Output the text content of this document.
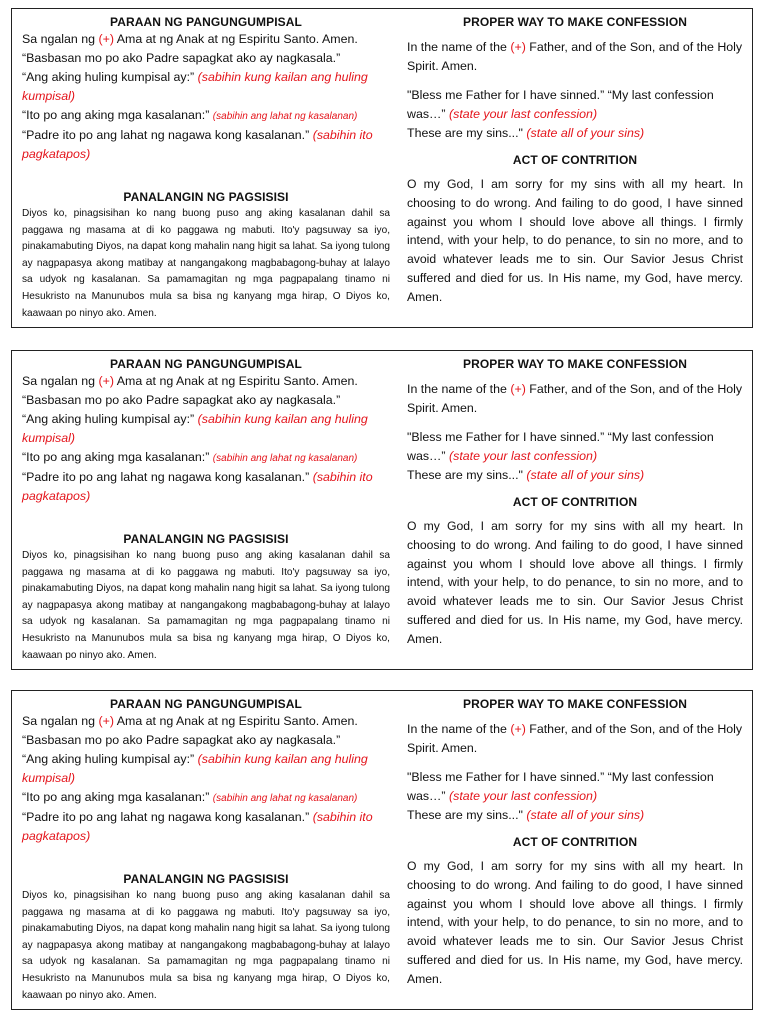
PARAAN NG PANGUNGUMPISAL

Sa ngalan ng (+) Ama at ng Anak at ng Espiritu Santo. Amen.

“Basbasan mo po ako Padre sapagkat ako ay nagkasala.”

“Ang aking huling kumpisal ay:” (sabihin kung kailan ang huling kumpisal)

“Ito po ang aking mga kasalanan:” (sabihin ang lahat ng kasalanan)

“Padre ito po ang lahat ng nagawa kong kasalanan.” (sabihin ito pagkatapos)

PANALANGIN NG PAGSISISI

Diyos ko, pinagsisihan ko nang buong puso ang aking kasalanan dahil sa paggawa ng masama at di ko paggawa ng mabuti. Ito'y pagsuway sa iyo, pinakamabuting Diyos, na dapat kong mahalin nang higit sa lahat. Sa iyong tulong ay nagpapasya akong matibay at nangangakong magbabagong-buhay at lalayo sa udyok ng kasalanan. Sa pamamagitan ng mga pagpapalang tinamo ni Hesukristo na Manunubos mula sa bisa ng kanyang mga hirap, O Diyos ko, kaawaan po ninyo ako. Amen.

PROPER WAY TO MAKE CONFESSION

In the name of the (+) Father, and of the Son, and of the Holy Spirit. Amen.

"Bless me Father for I have sinned.” “My last confession was…” (state your last confession)

These are my sins..." (state all of your sins)

ACT OF CONTRITION

O my God, I am sorry for my sins with all my heart. In choosing to do wrong. And failing to do good, I have sinned against you whom I should love above all things. I firmly intend, with your help, to do penance, to sin no more, and to avoid whatever leads me to sin. Our Savior Jesus Christ suffered and died for us. In His name, my God, have mercy. Amen.

PARAAN NG PANGUNGUMPISAL

Sa ngalan ng (+) Ama at ng Anak at ng Espiritu Santo. Amen.

“Basbasan mo po ako Padre sapagkat ako ay nagkasala.”

“Ang aking huling kumpisal ay:” (sabihin kung kailan ang huling kumpisal)

“Ito po ang aking mga kasalanan:” (sabihin ang lahat ng kasalanan)

“Padre ito po ang lahat ng nagawa kong kasalanan.” (sabihin ito pagkatapos)

PANALANGIN NG PAGSISISI

Diyos ko, pinagsisihan ko nang buong puso ang aking kasalanan dahil sa paggawa ng masama at di ko paggawa ng mabuti. Ito'y pagsuway sa iyo, pinakamabuting Diyos, na dapat kong mahalin nang higit sa lahat. Sa iyong tulong ay nagpapasya akong matibay at nangangakong magbabagong-buhay at lalayo sa udyok ng kasalanan. Sa pamamagitan ng mga pagpapalang tinamo ni Hesukristo na Manunubos mula sa bisa ng kanyang mga hirap, O Diyos ko, kaawaan po ninyo ako. Amen.

PROPER WAY TO MAKE CONFESSION

In the name of the (+) Father, and of the Son, and of the Holy Spirit. Amen.

"Bless me Father for I have sinned.” “My last confession was…” (state your last confession)

These are my sins..." (state all of your sins)

ACT OF CONTRITION

O my God, I am sorry for my sins with all my heart. In choosing to do wrong. And failing to do good, I have sinned against you whom I should love above all things. I firmly intend, with your help, to do penance, to sin no more, and to avoid whatever leads me to sin. Our Savior Jesus Christ suffered and died for us. In His name, my God, have mercy. Amen.

PARAAN NG PANGUNGUMPISAL

Sa ngalan ng (+) Ama at ng Anak at ng Espiritu Santo. Amen.

“Basbasan mo po ako Padre sapagkat ako ay nagkasala.”

“Ang aking huling kumpisal ay:” (sabihin kung kailan ang huling kumpisal)

“Ito po ang aking mga kasalanan:” (sabihin ang lahat ng kasalanan)

“Padre ito po ang lahat ng nagawa kong kasalanan.” (sabihin ito pagkatapos)

PANALANGIN NG PAGSISISI

Diyos ko, pinagsisihan ko nang buong puso ang aking kasalanan dahil sa paggawa ng masama at di ko paggawa ng mabuti. Ito'y pagsuway sa iyo, pinakamabuting Diyos, na dapat kong mahalin nang higit sa lahat. Sa iyong tulong ay nagpapasya akong matibay at nangangakong magbabagong-buhay at lalayo sa udyok ng kasalanan. Sa pamamagitan ng mga pagpapalang tinamo ni Hesukristo na Manunubos mula sa bisa ng kanyang mga hirap, O Diyos ko, kaawaan po ninyo ako. Amen.

PROPER WAY TO MAKE CONFESSION

In the name of the (+) Father, and of the Son, and of the Holy Spirit. Amen.

"Bless me Father for I have sinned.” “My last confession was…” (state your last confession)

These are my sins..." (state all of your sins)

ACT OF CONTRITION

O my God, I am sorry for my sins with all my heart. In choosing to do wrong. And failing to do good, I have sinned against you whom I should love above all things. I firmly intend, with your help, to do penance, to sin no more, and to avoid whatever leads me to sin. Our Savior Jesus Christ suffered and died for us. In His name, my God, have mercy. Amen.
